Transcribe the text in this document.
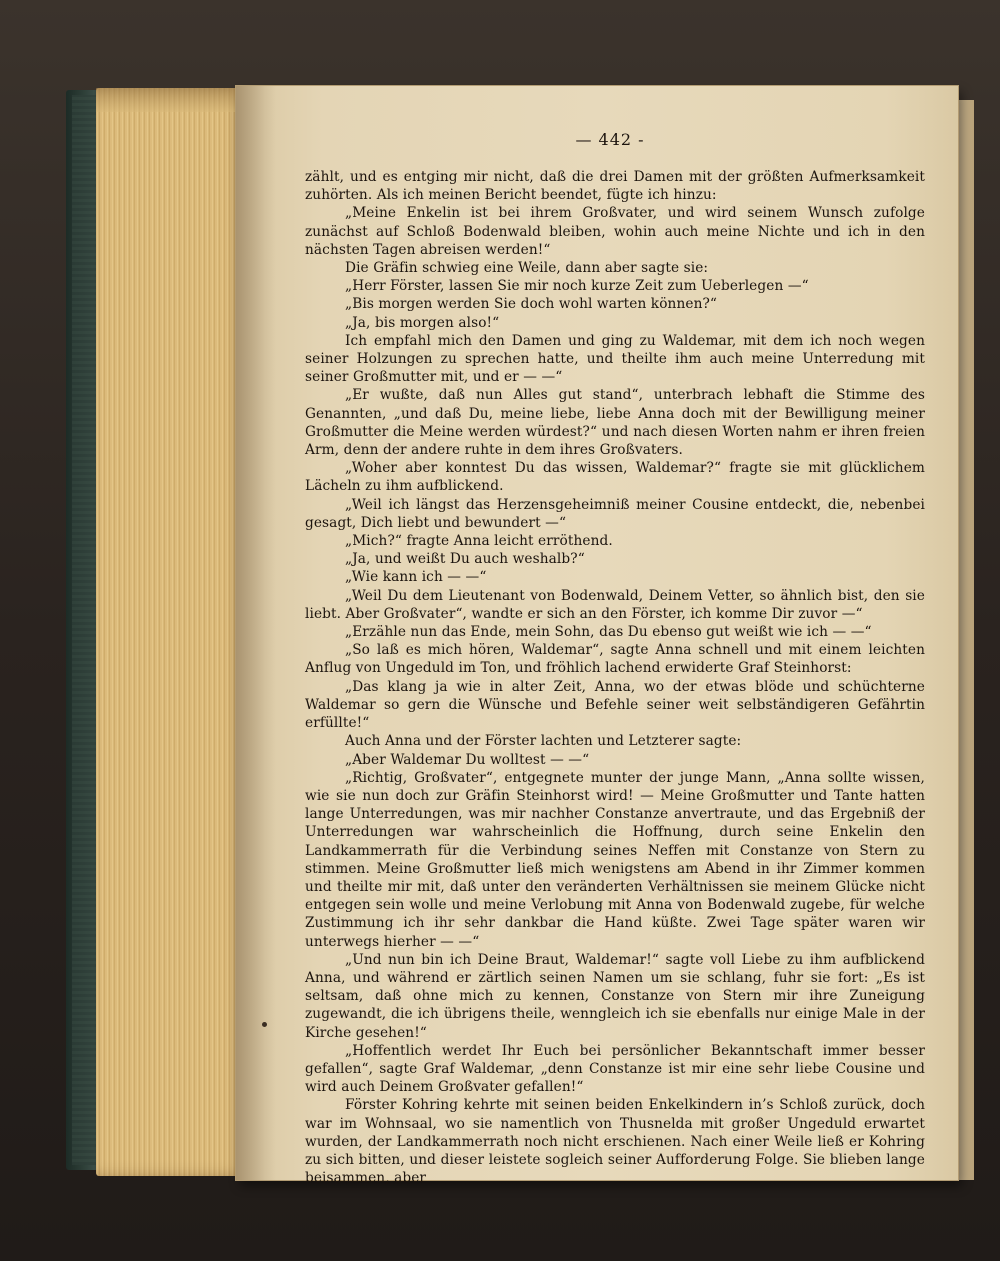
— 442 -

zählt, und es entging mir nicht, daß die drei Damen mit der größten Aufmerksamkeit zuhörten. Als ich meinen Bericht beendet, fügte ich hinzu:

„Meine Enkelin ist bei ihrem Großvater, und wird seinem Wunsch zufolge zunächst auf Schloß Bodenwald bleiben, wohin auch meine Nichte und ich in den nächsten Tagen abreisen werden!“

Die Gräfin schwieg eine Weile, dann aber sagte sie:

„Herr Förster, lassen Sie mir noch kurze Zeit zum Ueberlegen —“

„Bis morgen werden Sie doch wohl warten können?“

„Ja, bis morgen also!“

Ich empfahl mich den Damen und ging zu Waldemar, mit dem ich noch wegen seiner Holzungen zu sprechen hatte, und theilte ihm auch meine Unterredung mit seiner Großmutter mit, und er — —“

„Er wußte, daß nun Alles gut stand“, unterbrach lebhaft die Stimme des Genannten, „und daß Du, meine liebe, liebe Anna doch mit der Bewilligung meiner Großmutter die Meine werden würdest?“ und nach diesen Worten nahm er ihren freien Arm, denn der andere ruhte in dem ihres Großvaters.

„Woher aber konntest Du das wissen, Waldemar?“ fragte sie mit glücklichem Lächeln zu ihm aufblickend.

„Weil ich längst das Herzensgeheimniß meiner Cousine entdeckt, die, nebenbei gesagt, Dich liebt und bewundert —“

„Mich?“ fragte Anna leicht erröthend.

„Ja, und weißt Du auch weshalb?“

„Wie kann ich — —“

„Weil Du dem Lieutenant von Bodenwald, Deinem Vetter, so ähnlich bist, den sie liebt. Aber Großvater“, wandte er sich an den Förster, ich komme Dir zuvor —“

„Erzähle nun das Ende, mein Sohn, das Du ebenso gut weißt wie ich — —“

„So laß es mich hören, Waldemar“, sagte Anna schnell und mit einem leichten Anflug von Ungeduld im Ton, und fröhlich lachend erwiderte Graf Steinhorst:

„Das klang ja wie in alter Zeit, Anna, wo der etwas blöde und schüchterne Waldemar so gern die Wünsche und Befehle seiner weit selbständigeren Gefährtin erfüllte!“

Auch Anna und der Förster lachten und Letzterer sagte:

„Aber Waldemar Du wolltest — —“

„Richtig, Großvater“, entgegnete munter der junge Mann, „Anna sollte wissen, wie sie nun doch zur Gräfin Steinhorst wird! — Meine Großmutter und Tante hatten lange Unterredungen, was mir nachher Constanze anvertraute, und das Ergebniß der Unterredungen war wahrscheinlich die Hoffnung, durch seine Enkelin den Landkammerrath für die Verbindung seines Neffen mit Constanze von Stern zu stimmen. Meine Großmutter ließ mich wenigstens am Abend in ihr Zimmer kommen und theilte mir mit, daß unter den veränderten Verhältnissen sie meinem Glücke nicht entgegen sein wolle und meine Verlobung mit Anna von Bodenwald zugebe, für welche Zustimmung ich ihr sehr dankbar die Hand küßte. Zwei Tage später waren wir unterwegs hierher — —“

„Und nun bin ich Deine Braut, Waldemar!“ sagte voll Liebe zu ihm aufblickend Anna, und während er zärtlich seinen Namen um sie schlang, fuhr sie fort: „Es ist seltsam, daß ohne mich zu kennen, Constanze von Stern mir ihre Zuneigung zugewandt, die ich übrigens theile, wenngleich ich sie ebenfalls nur einige Male in der Kirche gesehen!“

„Hoffentlich werdet Ihr Euch bei persönlicher Bekanntschaft immer besser gefallen“, sagte Graf Waldemar, „denn Constanze ist mir eine sehr liebe Cousine und wird auch Deinem Großvater gefallen!“

Förster Kohring kehrte mit seinen beiden Enkelkindern in’s Schloß zurück, doch war im Wohnsaal, wo sie namentlich von Thusnelda mit großer Ungeduld erwartet wurden, der Landkammerrath noch nicht erschienen. Nach einer Weile ließ er Kohring zu sich bitten, und dieser leistete sogleich seiner Aufforderung Folge. Sie blieben lange beisammen, aber
